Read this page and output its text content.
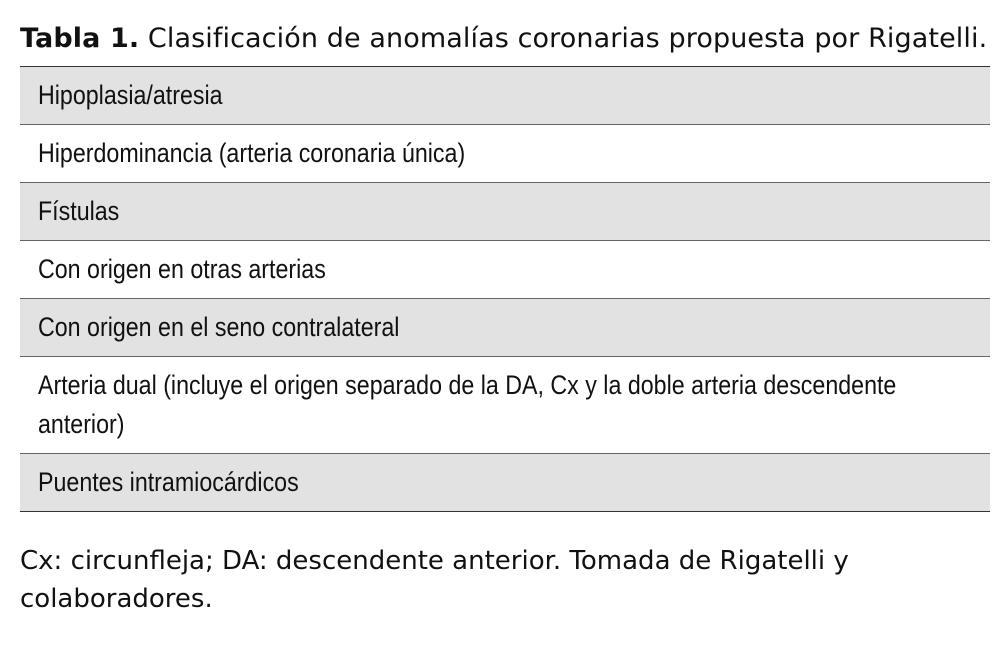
Tabla 1. Clasificación de anomalías coronarias propuesta por Rigatelli.

Hipoplasia/atresia
Hiperdominancia (arteria coronaria única)
Fístulas
Con origen en otras arterias
Con origen en el seno contralateral
Arteria dual (incluye el origen separado de la DA, Cx y la doble arteria descendente anterior)
Puentes intramiocárdicos

Cx: circunfleja; DA: descendente anterior. Tomada de Rigatelli y colaboradores.
